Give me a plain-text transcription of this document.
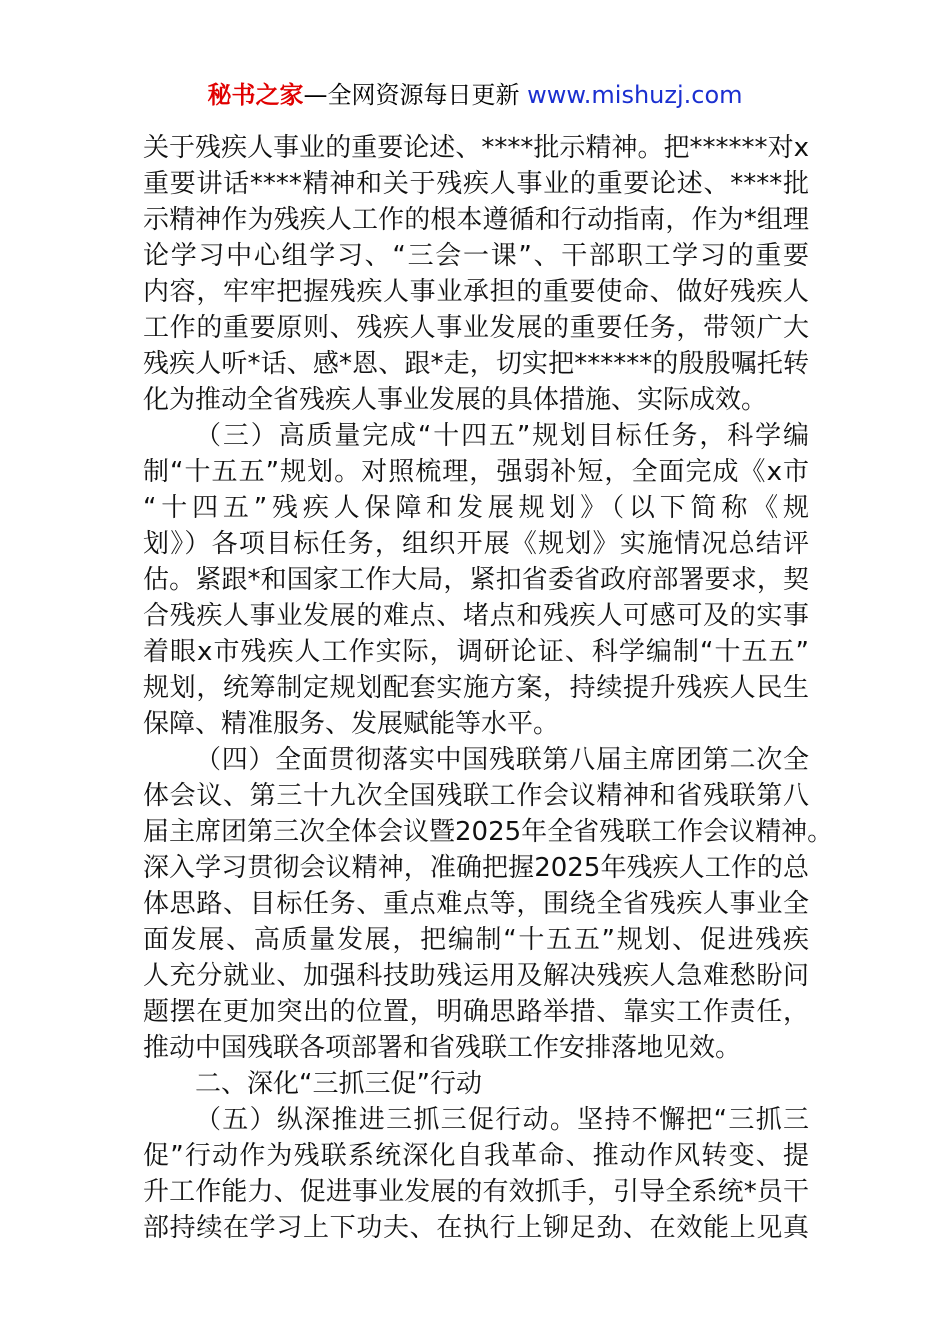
秘书之家—全网资源每日更新 www.mishuzj.com
关于残疾人事业的重要论述、****批示精神。把******对x
重要讲话****精神和关于残疾人事业的重要论述、****批
示精神作为残疾人工作的根本遵循和行动指南，作为*组理
论学习中心组学习、“三会一课”、干部职工学习的重要
内容，牢牢把握残疾人事业承担的重要使命、做好残疾人
工作的重要原则、残疾人事业发展的重要任务，带领广大
残疾人听*话、感*恩、跟*走，切实把******的殷殷嘱托转
化为推动全省残疾人事业发展的具体措施、实际成效。
（三）高质量完成“十四五”规划目标任务，科学编
制“十五五”规划。对照梳理，强弱补短，全面完成《x市
“十四五”残疾人保障和发展规划》（以下简称《规
划》）各项目标任务，组织开展《规划》实施情况总结评
估。紧跟*和国家工作大局，紧扣省委省政府部署要求，契
合残疾人事业发展的难点、堵点和残疾人可感可及的实事
着眼x市残疾人工作实际，调研论证、科学编制“十五五”
规划，统筹制定规划配套实施方案，持续提升残疾人民生
保障、精准服务、发展赋能等水平。
（四）全面贯彻落实中国残联第八届主席团第二次全
体会议、第三十九次全国残联工作会议精神和省残联第八
届主席团第三次全体会议暨2025年全省残联工作会议精神。
深入学习贯彻会议精神，准确把握2025年残疾人工作的总
体思路、目标任务、重点难点等，围绕全省残疾人事业全
面发展、高质量发展，把编制“十五五”规划、促进残疾
人充分就业、加强科技助残运用及解决残疾人急难愁盼问
题摆在更加突出的位置，明确思路举措、靠实工作责任，
推动中国残联各项部署和省残联工作安排落地见效。
二、深化“三抓三促”行动
（五）纵深推进三抓三促行动。坚持不懈把“三抓三
促”行动作为残联系统深化自我革命、推动作风转变、提
升工作能力、促进事业发展的有效抓手，引导全系统*员干
部持续在学习上下功夫、在执行上铆足劲、在效能上见真
